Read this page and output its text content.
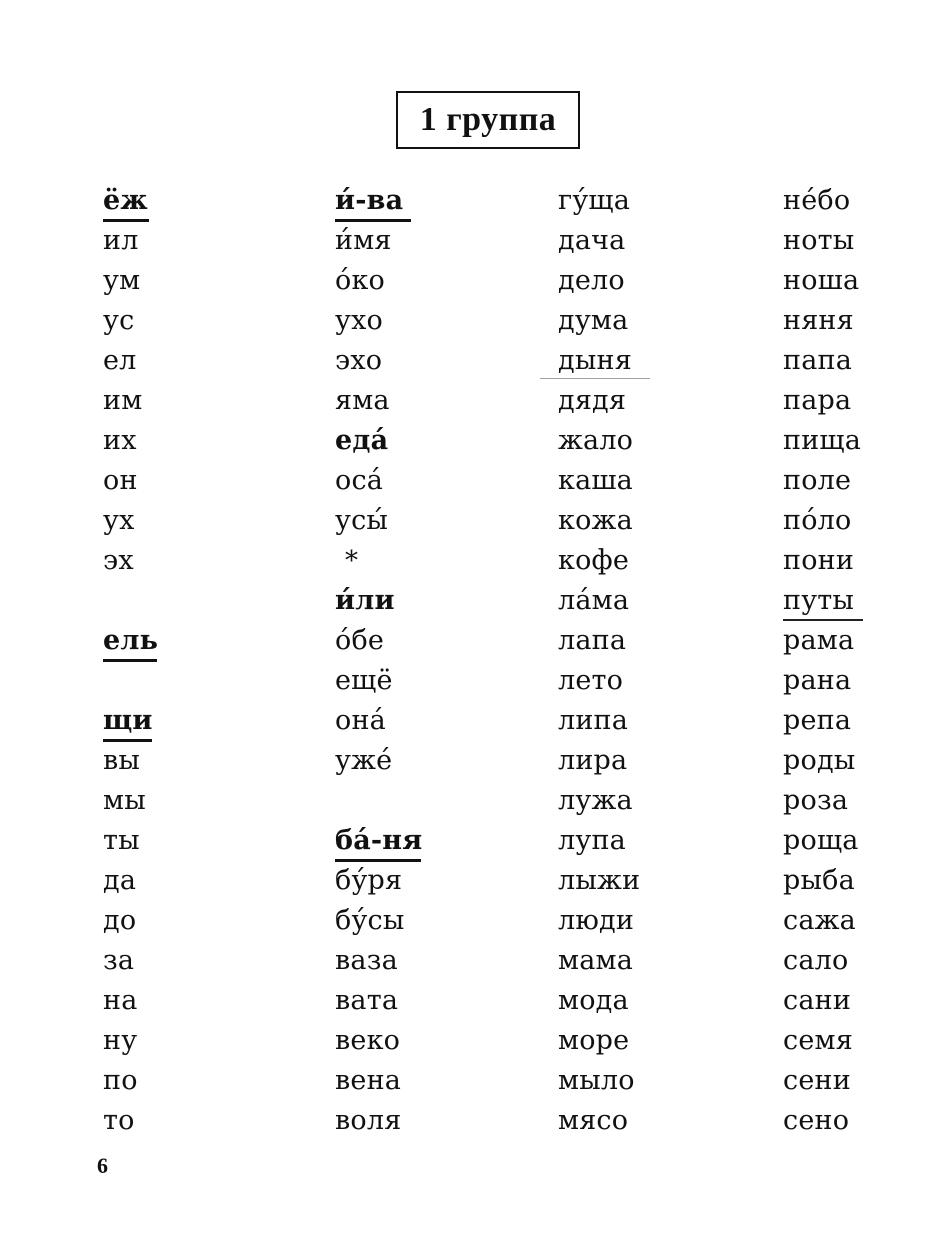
1 группа
ёж
ил
ум
ус
ел
им
их
он
ух
эх
ель
щи
вы
мы
ты
да
до
за
на
ну
по
то
и́-ва
и́мя
о́ко
ухо
эхо
яма
еда́
оса́
усы́
*
и́ли
о́бе
ещё
она́
уже́
ба́-ня
бу́ря
бу́сы
ваза
вата
веко
вена
воля
гу́ща
дача
дело
дума
дыня
дядя
жало
каша
кожа
кофе
ла́ма
лапа
лето
липа
лира
лужа
лупа
лыжи
люди
мама
мода
море
мыло
мясо
не́бо
ноты
ноша
няня
папа
пара
пища
поле
по́ло
пони
путы
рама
рана
репа
роды
роза
роща
рыба
сажа
сало
сани
семя
сени
сено
6
